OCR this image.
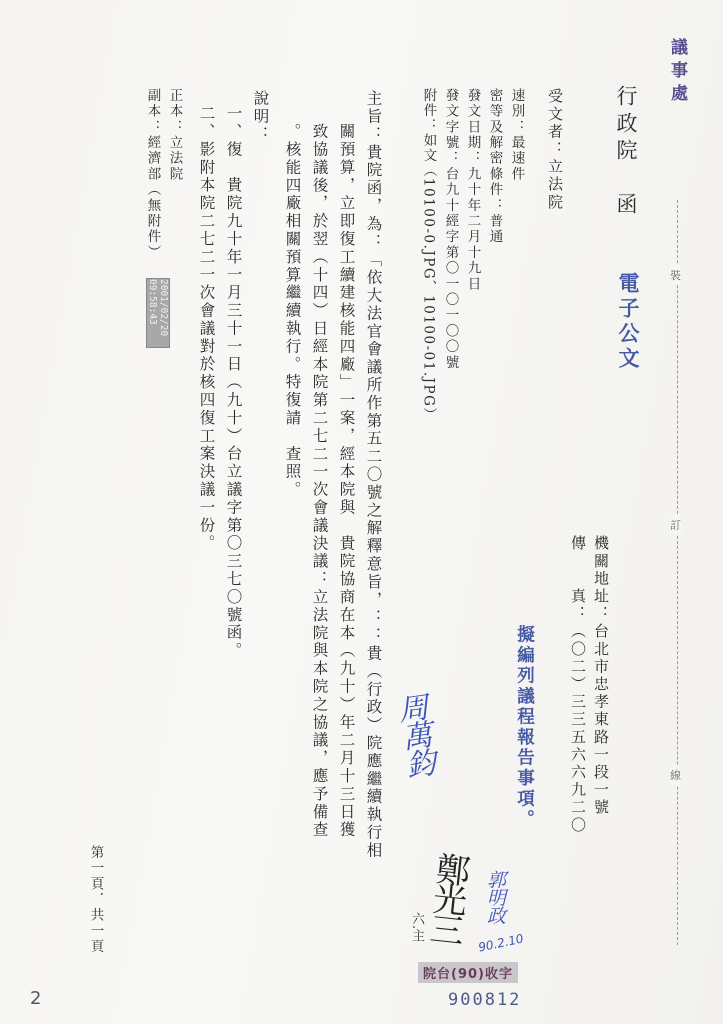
議事處
裝
訂
線
行政院　函
電子公文
機關地址：台北市忠孝東路一段一號
傳　　真：（〇二）三三五六六九二〇
受文者：立法院
速別：最速件
密等及解密條件：普通
發文日期：九十年二月十九日
發文字號：台九十經字第〇一〇一〇〇號
附件：如文（10100-0.JPG、10100-01.JPG）
主旨：貴院函，為：「依大法官會議所作第五二〇號之解釋意旨，：：貴（行政）院應繼續執行相
關預算，立即復工續建核能四廠」一案，經本院與　貴院協商在本（九十）年二月十三日獲
致協議後，於翌（十四）日經本院第二七二一次會議決議：立法院與本院之協議，應予備查
。核能四廠相關預算繼續執行。特復請　查照。
說明：
一、復　貴院九十年一月三十一日（九十）台立議字第〇三七〇號函。
二、影附本院二七二一次會議對於核四復工案決議一份。
正本：立法院
副本：經濟部（無附件）
2001/02/20 09:58:43
第一頁．共一頁
擬編列議程報告事項。
周萬鈞
鄭光三
六.主
郭明政
90.2.10
院台(90)收字
900812
2
